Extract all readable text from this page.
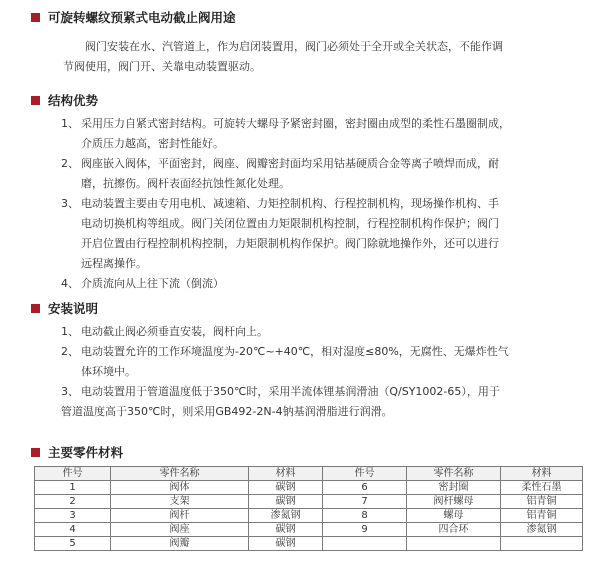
可旋转螺纹预紧式电动截止阀用途

阀门安装在水、汽管道上，作为启闭装置用，阀门必须处于全开或全关状态，不能作调

节阀使用，阀门开、关靠电动装置驱动。

结构优势
1、 采用压力自紧式密封结构。可旋转大螺母予紧密封圈，密封圈由成型的柔性石墨圈制成，
介质压力越高，密封性能好。
2、 阀座嵌入阀体，平面密封，阀座、阀瓣密封面均采用钴基硬质合金等离子喷焊而成，耐
磨，抗擦伤。阀杆表面经抗蚀性氮化处理。
3、 电动装置主要由专用电机、减速箱、力矩控制机构、行程控制机构，现场操作机构、手
电动切换机构等组成。阀门关闭位置由力矩限制机构控制，行程控制机构作保护；阀门
开启位置由行程控制机构控制，力矩限制机构作保护。阀门除就地操作外，还可以进行
远程离操作。
4、 介质流向从上往下流（倒流）
安装说明
1、 电动截止阀必须垂直安装，阀杆向上。
2、 电动装置允许的工作环境温度为-20℃~+40℃，相对湿度≤80%，无腐性、无爆炸性气
体环境中。
3、 电动装置用于管道温度低于350℃时，采用半流体锂基润滑油（Q/SY1002-65），用于
管道温度高于350℃时，则采用GB492-2N-4钠基润滑脂进行润滑。
主要零件材料
件号	零件名称	材料	件号	零件名称	材料
1	阀体	碳钢	6	密封圈	柔性石墨
2	支架	碳钢	7	阀杆螺母	铝青铜
3	阀杆	渗氮钢	8	螺母	铝青铜
4	阀座	碳钢	9	四合环	渗氮钢
5	阀瓣	碳钢			
